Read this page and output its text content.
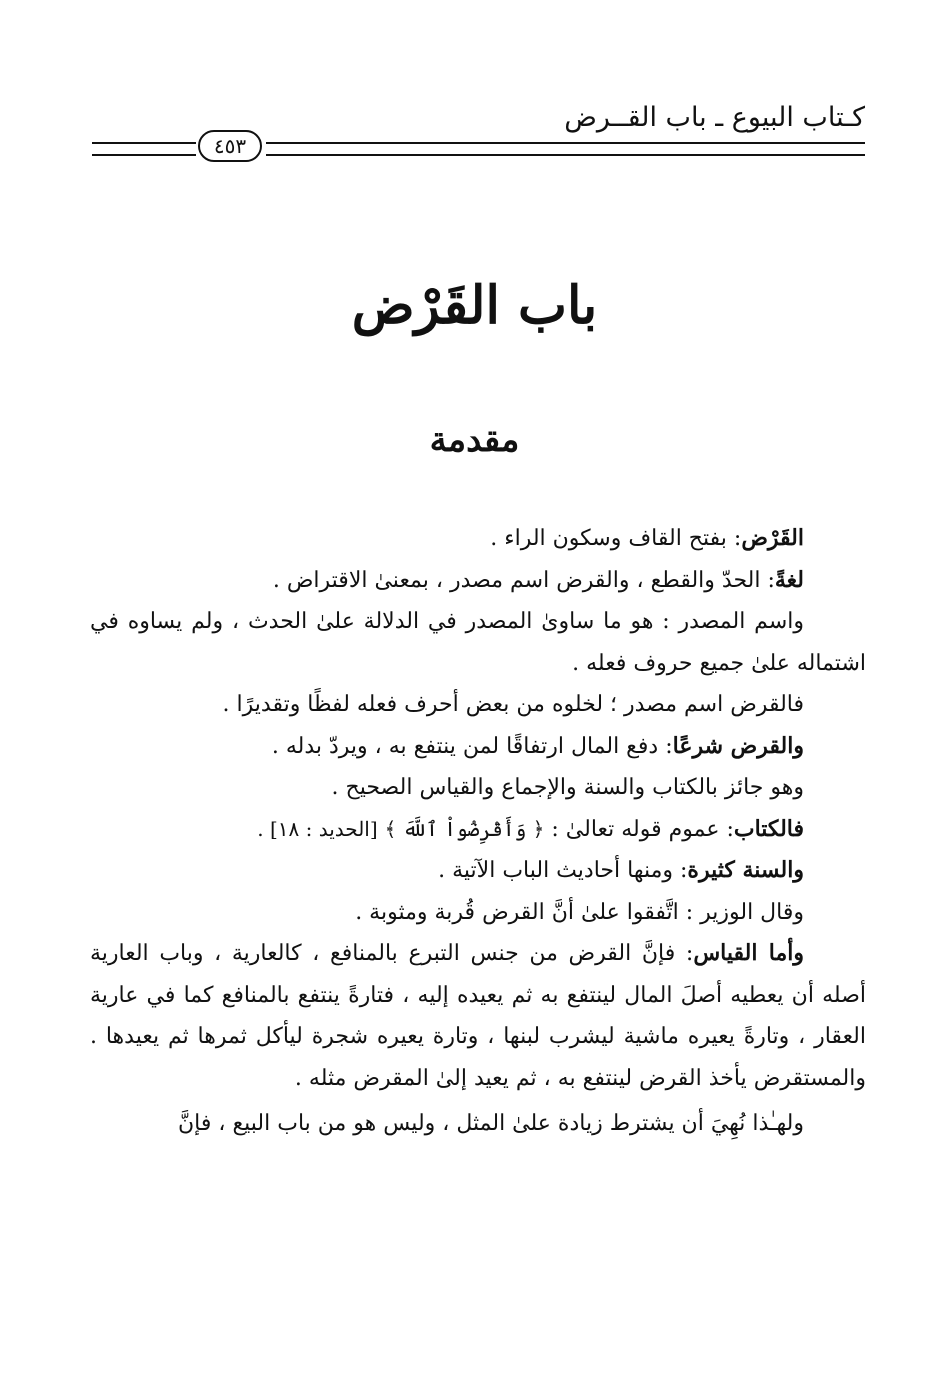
كـتاب البيوع ـ باب القــرض
٤٥٣
باب القَرْض
مقدمة

القَرْض: بفتح القاف وسكون الراء .

لغةً: الحدّ والقطع ، والقرض اسم مصدر ، بمعنىٰ الاقتراض .

واسم المصدر : هو ما ساوىٰ المصدر في الدلالة علىٰ الحدث ، ولم يساوه في اشتماله علىٰ جميع حروف فعله .

فالقرض اسم مصدر ؛ لخلوه من بعض أحرف فعله لفظًا وتقديرًا .

والقرض شرعًا: دفع المال ارتفاقًا لمن ينتفع به ، ويردّ بدله .

وهو جائز بالكتاب والسنة والإجماع والقياس الصحيح .

فالكتاب: عموم قوله تعالىٰ : ﴿ وَأَقْرِضُواْ ٱللَّهَ ﴾ [الحديد : ١٨] .

والسنة كثيرة: ومنها أحاديث الباب الآتية .

وقال الوزير : اتَّفقوا علىٰ أنَّ القرض قُربة ومثوبة .

وأما القياس: فإنَّ القرض من جنس التبرع بالمنافع ، كالعارية ، وباب العارية أصله أن يعطيه أصلَ المال لينتفع به ثم يعيده إليه ، فتارةً ينتفع بالمنافع كما في عارية العقار ، وتارةً يعيره ماشية ليشرب لبنها ، وتارة يعيره شجرة ليأكل ثمرها ثم يعيدها . والمستقرض يأخذ القرض لينتفع به ، ثم يعيد إلىٰ المقرض مثله .

ولهـٰذا نُهِيَ أن يشترط زيادة علىٰ المثل ، وليس هو من باب البيع ، فإنَّ
